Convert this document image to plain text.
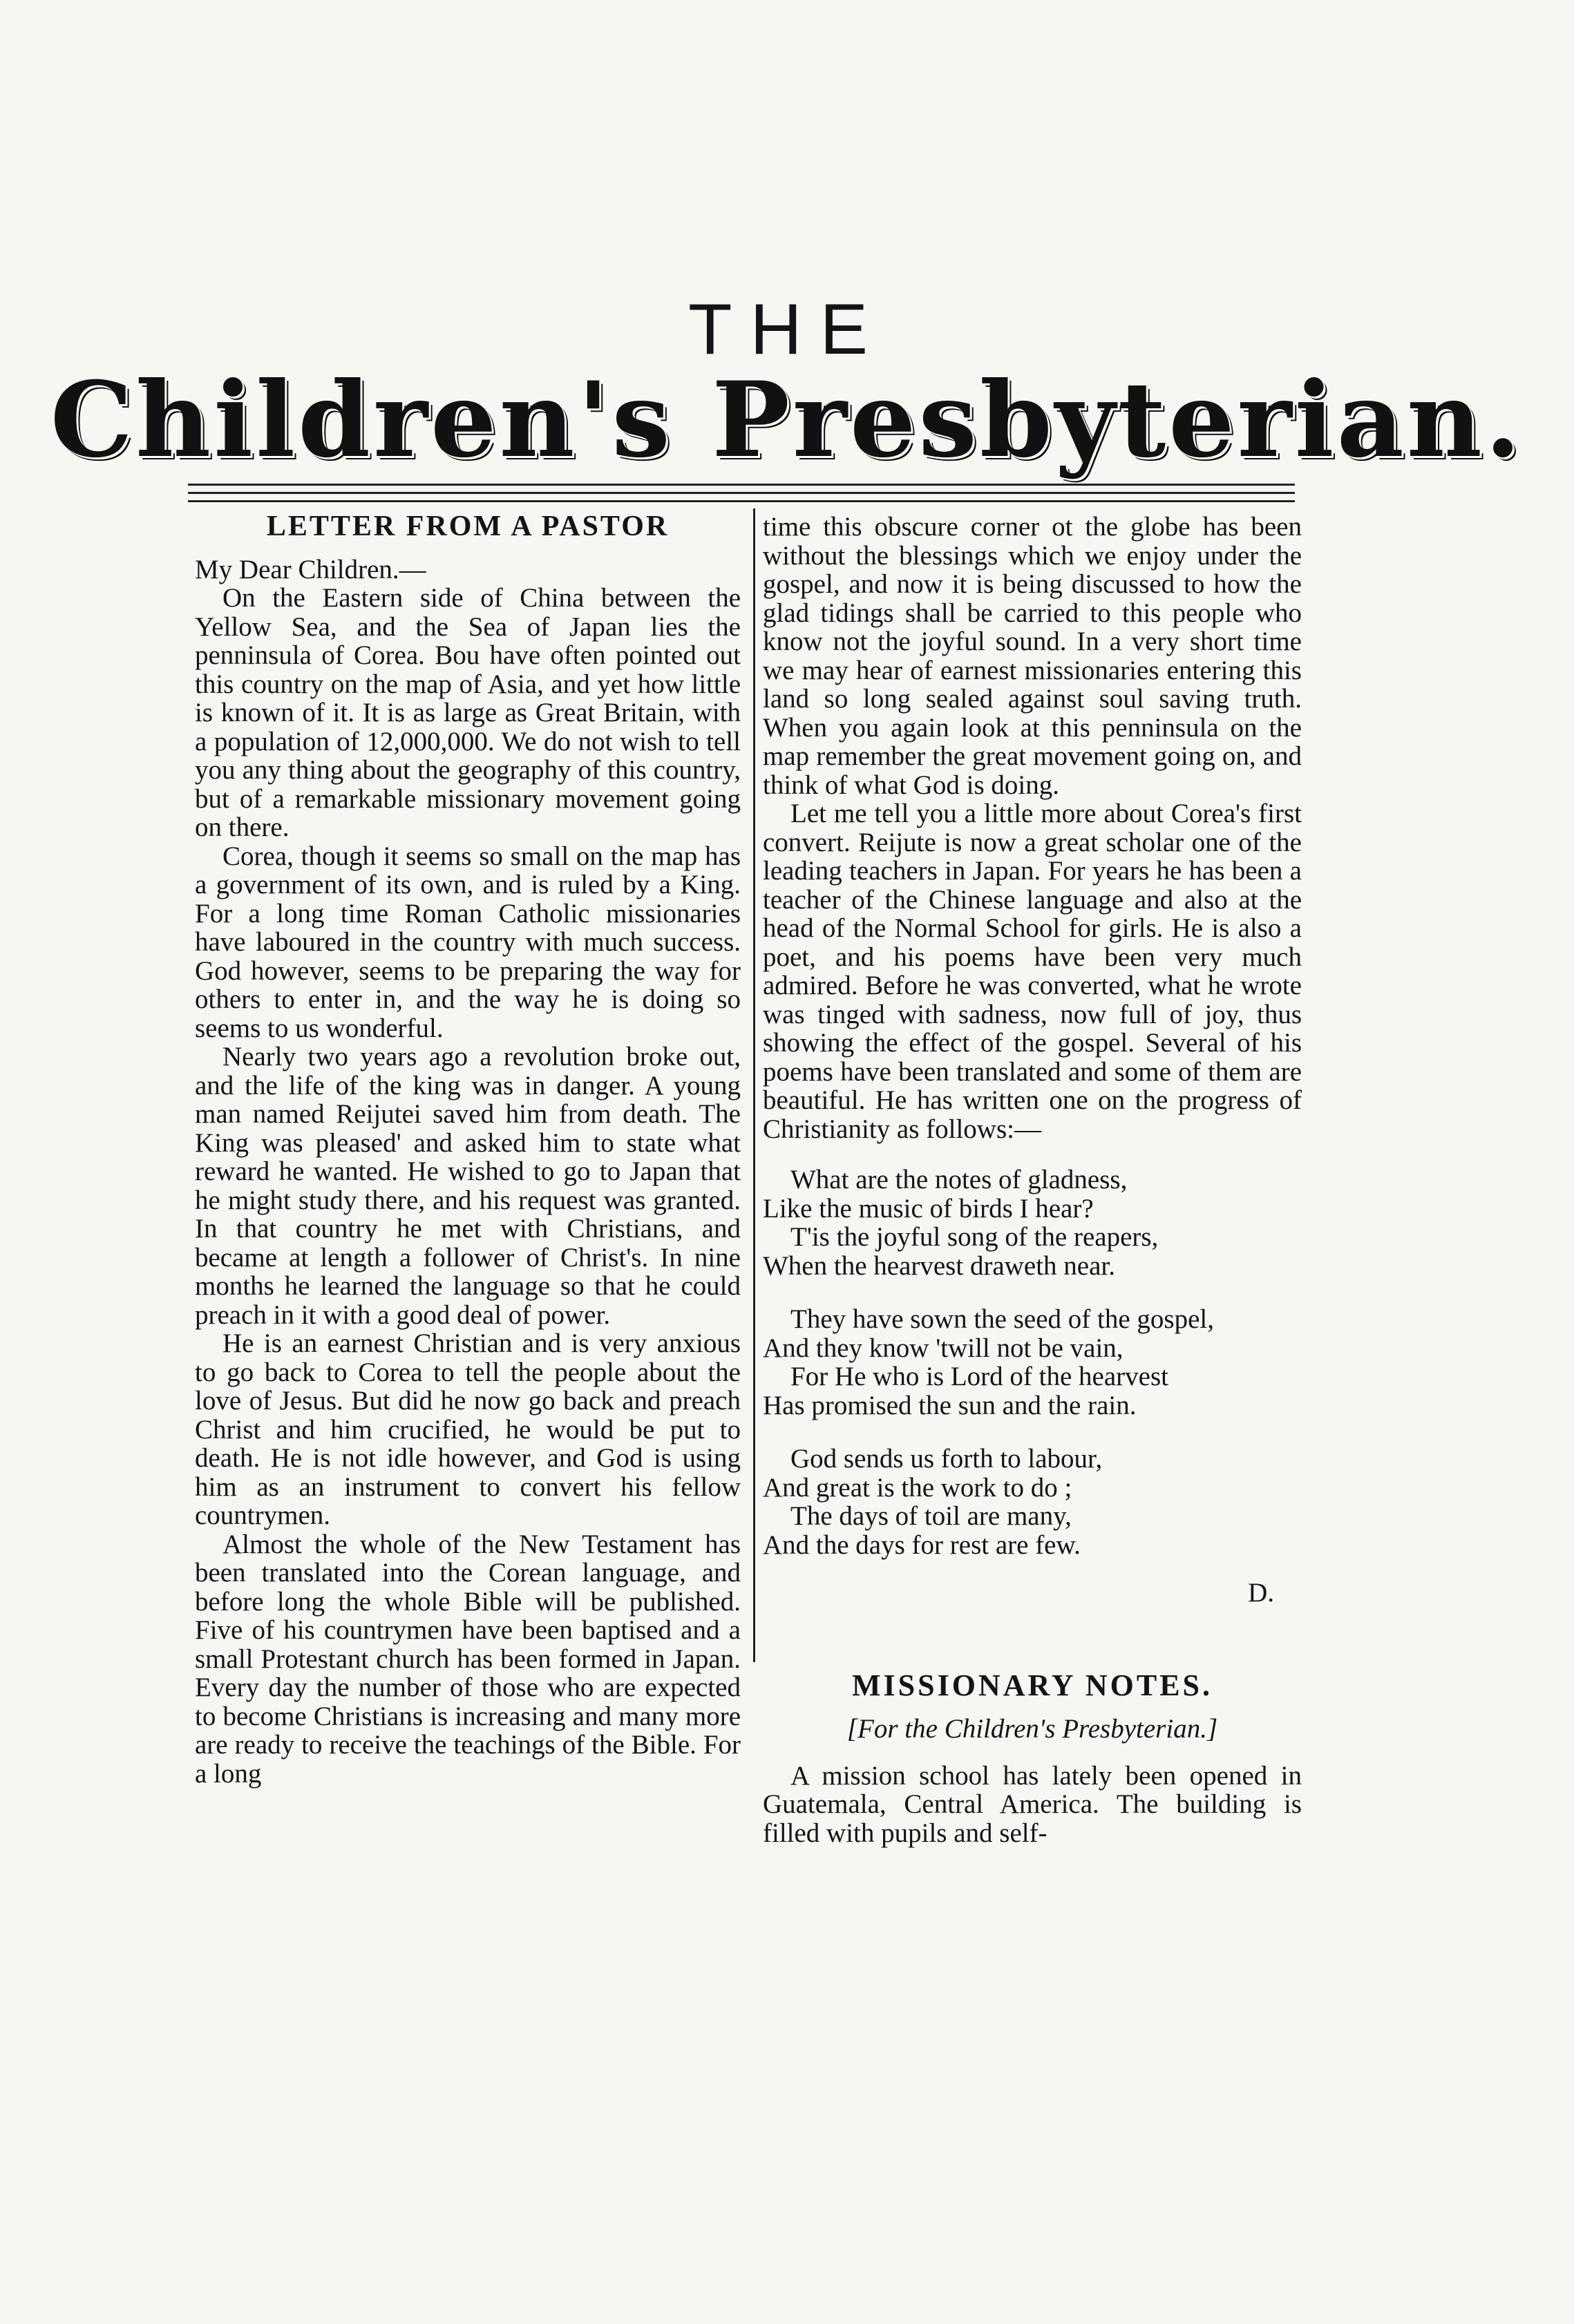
THE
Children's Presbyterian.
LETTER FROM A PASTOR
My Dear Children.—

On the Eastern side of China between the Yellow Sea, and the Sea of Japan lies the penninsula of Corea. Bou have often pointed out this country on the map of Asia, and yet how little is known of it. It is as large as Great Britain, with a population of 12,000,000. We do not wish to tell you any thing about the geography of this country, but of a remarkable missionary movement going on there.

Corea, though it seems so small on the map has a government of its own, and is ruled by a King. For a long time Roman Catholic missionaries have laboured in the country with much success. God however, seems to be preparing the way for others to enter in, and the way he is doing so seems to us wonderful.

Nearly two years ago a revolution broke out, and the life of the king was in danger. A young man named Reijutei saved him from death. The King was pleased' and asked him to state what reward he wanted. He wished to go to Japan that he might study there, and his request was granted. In that country he met with Christians, and became at length a follower of Christ's. In nine months he learned the language so that he could preach in it with a good deal of power.

He is an earnest Christian and is very anxious to go back to Corea to tell the people about the love of Jesus. But did he now go back and preach Christ and him crucified, he would be put to death. He is not idle however, and God is using him as an instrument to convert his fellow countrymen.

Almost the whole of the New Testament has been translated into the Corean language, and before long the whole Bible will be published. Five of his countrymen have been baptised and a small Protestant church has been formed in Japan. Every day the number of those who are expected to become Christians is increasing and many more are ready to receive the teachings of the Bible. For a long

time this obscure corner ot the globe has been without the blessings which we enjoy under the gospel, and now it is being discussed to how the glad tidings shall be carried to this people who know not the joyful sound. In a very short time we may hear of earnest missionaries entering this land so long sealed against soul saving truth. When you again look at this penninsula on the map remember the great movement going on, and think of what God is doing.

Let me tell you a little more about Corea's first convert. Reijute is now a great scholar one of the leading teachers in Japan. For years he has been a teacher of the Chinese language and also at the head of the Normal School for girls. He is also a poet, and his poems have been very much admired. Before he was converted, what he wrote was tinged with sadness, now full of joy, thus showing the effect of the gospel. Several of his poems have been translated and some of them are beautiful. He has written one on the progress of Christianity as follows:—

What are the notes of gladness,
Like the music of birds I hear?
T'is the joyful song of the reapers,
When the hearvest draweth near.
They have sown the seed of the gospel,
And they know 'twill not be vain,
For He who is Lord of the hearvest
Has promised the sun and the rain.
God sends us forth to labour,
And great is the work to do ;
The days of toil are many,
And the days for rest are few.
D.
MISSIONARY NOTES.
[For the Children's Presbyterian.]

A mission school has lately been opened in Guatemala, Central America. The building is filled with pupils and self-
